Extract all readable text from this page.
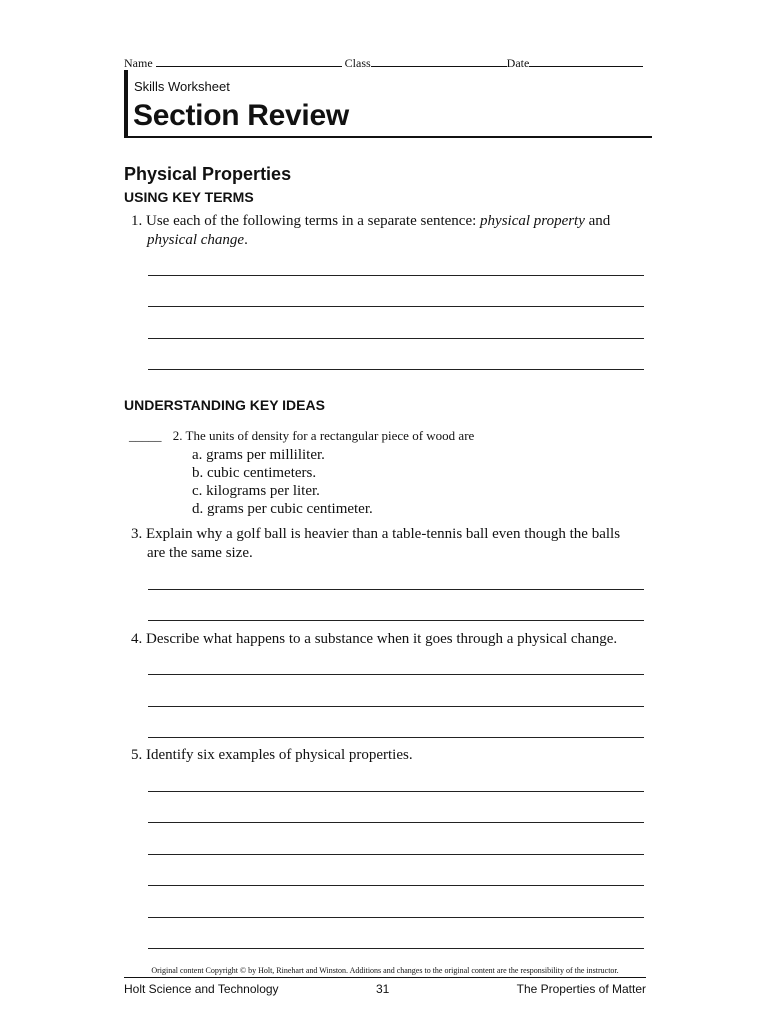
Name	Class	Date
Skills Worksheet
Section Review
Physical Properties
USING KEY TERMS
1. Use each of the following terms in a separate sentence: physical property and
physical change.
UNDERSTANDING KEY IDEAS
_____ 2. The units of density for a rectangular piece of wood are
a. grams per milliliter.
b. cubic centimeters.
c. kilograms per liter.
d. grams per cubic centimeter.
3. Explain why a golf ball is heavier than a table-tennis ball even though the balls
are the same size.
4. Describe what happens to a substance when it goes through a physical change.
5. Identify six examples of physical properties.
Original content Copyright © by Holt, Rinehart and Winston. Additions and changes to the original content are the responsibility of the instructor.
Holt Science and Technology	31	The Properties of Matter
